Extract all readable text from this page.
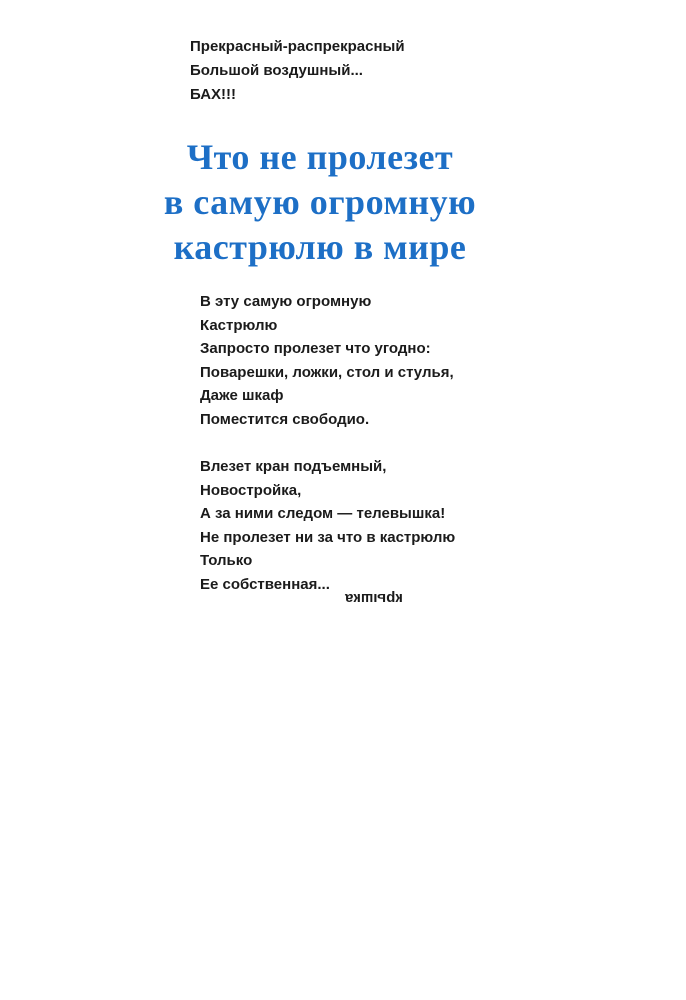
Прекрасный-распрекрасный
Большой воздушный...
БАХ!!!
Что не пролезет
в самую огромную
кастрюлю в мире
В эту самую огромную
Кастрюлю
Запросто пролезет что угодно:
Поварешки, ложки, стол и стулья,
Даже шкаф
Поместится свободио.
Влезет кран подъемный,
Новостройка,
А за ними следом — телевышка!
Не пролезет ни за что в кастрюлю
Только
Ее собственная...
крышка
